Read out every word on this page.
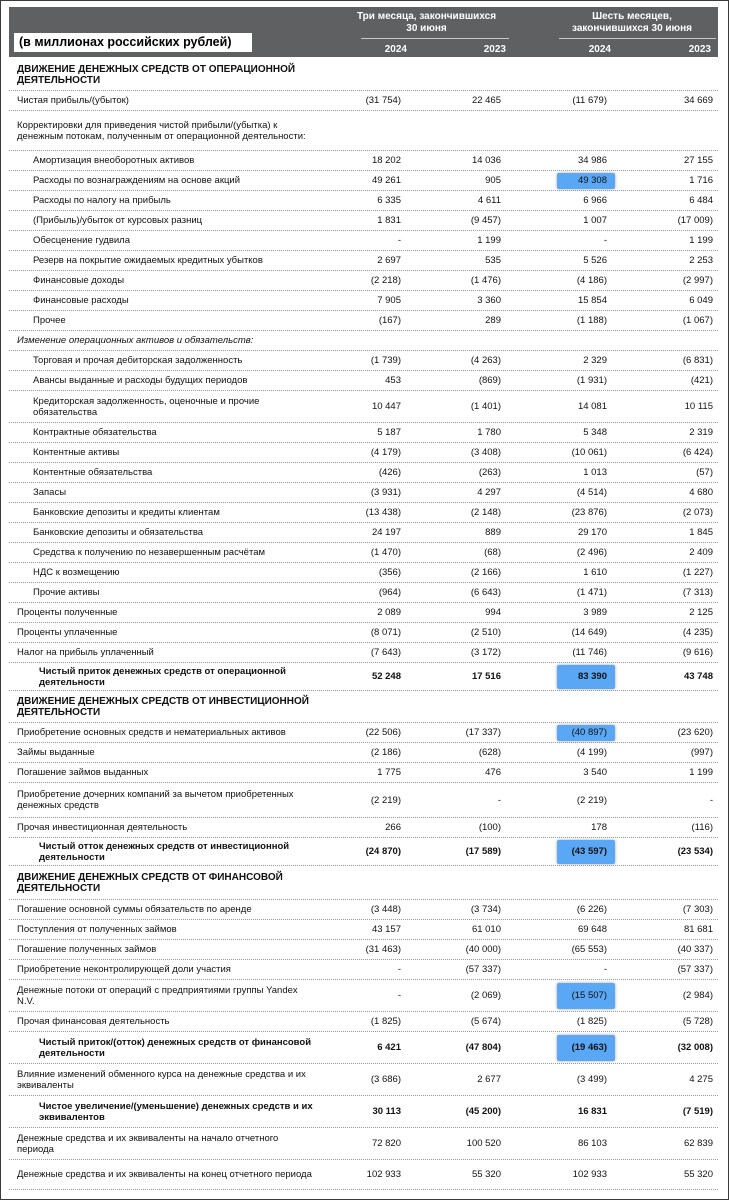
(в миллионах российских рублей)
Три месяца, закончившихся 30 июня
Шесть месяцев, закончившихся 30 июня
2024	2023	2024	2023
ДВИЖЕНИЕ ДЕНЕЖНЫХ СРЕДСТВ ОТ ОПЕРАЦИОННОЙ ДЕЯТЕЛЬНОСТИ
Чистая прибыль/(убыток)	(31 754)	22 465	(11 679)	34 669
Корректировки для приведения чистой прибыли/(убытка) к денежным потокам, полученным от операционной деятельности:
Амортизация внеоборотных активов	18 202	14 036	34 986	27 155
Расходы по вознаграждениям на основе акций	49 261	905	49 308	1 716
Расходы по налогу на прибыль	6 335	4 611	6 966	6 484
(Прибыль)/убыток от курсовых разниц	1 831	(9 457)	1 007	(17 009)
Обесценение гудвила	-	1 199	-	1 199
Резерв на покрытие ожидаемых кредитных убытков	2 697	535	5 526	2 253
Финансовые доходы	(2 218)	(1 476)	(4 186)	(2 997)
Финансовые расходы	7 905	3 360	15 854	6 049
Прочее	(167)	289	(1 188)	(1 067)
Изменение операционных активов и обязательств:
Торговая и прочая дебиторская задолженность	(1 739)	(4 263)	2 329	(6 831)
Авансы выданные и расходы будущих периодов	453	(869)	(1 931)	(421)
Кредиторская задолженность, оценочные и прочие обязательства	10 447	(1 401)	14 081	10 115
Контрактные обязательства	5 187	1 780	5 348	2 319
Контентные активы	(4 179)	(3 408)	(10 061)	(6 424)
Контентные обязательства	(426)	(263)	1 013	(57)
Запасы	(3 931)	4 297	(4 514)	4 680
Банковские депозиты и кредиты клиентам	(13 438)	(2 148)	(23 876)	(2 073)
Банковские депозиты и обязательства	24 197	889	29 170	1 845
Средства к получению по незавершенным расчётам	(1 470)	(68)	(2 496)	2 409
НДС к возмещению	(356)	(2 166)	1 610	(1 227)
Прочие активы	(964)	(6 643)	(1 471)	(7 313)
Проценты полученные	2 089	994	3 989	2 125
Проценты уплаченные	(8 071)	(2 510)	(14 649)	(4 235)
Налог на прибыль уплаченный	(7 643)	(3 172)	(11 746)	(9 616)
Чистый приток денежных средств от операционной деятельности	52 248	17 516	83 390	43 748
ДВИЖЕНИЕ ДЕНЕЖНЫХ СРЕДСТВ ОТ ИНВЕСТИЦИОННОЙ ДЕЯТЕЛЬНОСТИ
Приобретение основных средств и нематериальных активов	(22 506)	(17 337)	(40 897)	(23 620)
Займы выданные	(2 186)	(628)	(4 199)	(997)
Погашение займов выданных	1 775	476	3 540	1 199
Приобретение дочерних компаний за вычетом приобретенных денежных средств	(2 219)	-	(2 219)	-
Прочая инвестиционная деятельность	266	(100)	178	(116)
Чистый отток денежных средств от инвестиционной деятельности	(24 870)	(17 589)	(43 597)	(23 534)
ДВИЖЕНИЕ ДЕНЕЖНЫХ СРЕДСТВ ОТ ФИНАНСОВОЙ ДЕЯТЕЛЬНОСТИ
Погашение основной суммы обязательств по аренде	(3 448)	(3 734)	(6 226)	(7 303)
Поступления от полученных займов	43 157	61 010	69 648	81 681
Погашение полученных займов	(31 463)	(40 000)	(65 553)	(40 337)
Приобретение неконтролирующей доли участия	-	(57 337)	-	(57 337)
Денежные потоки от операций с предприятиями группы Yandex N.V.	-	(2 069)	(15 507)	(2 984)
Прочая финансовая деятельность	(1 825)	(5 674)	(1 825)	(5 728)
Чистый приток/(отток) денежных средств от финансовой деятельности	6 421	(47 804)	(19 463)	(32 008)
Влияние изменений обменного курса на денежные средства и их эквиваленты	(3 686)	2 677	(3 499)	4 275
Чистое увеличение/(уменьшение) денежных средств и их эквивалентов	30 113	(45 200)	16 831	(7 519)
Денежные средства и их эквиваленты на начало отчетного периода	72 820	100 520	86 103	62 839
Денежные средства и их эквиваленты на конец отчетного периода	102 933	55 320	102 933	55 320
